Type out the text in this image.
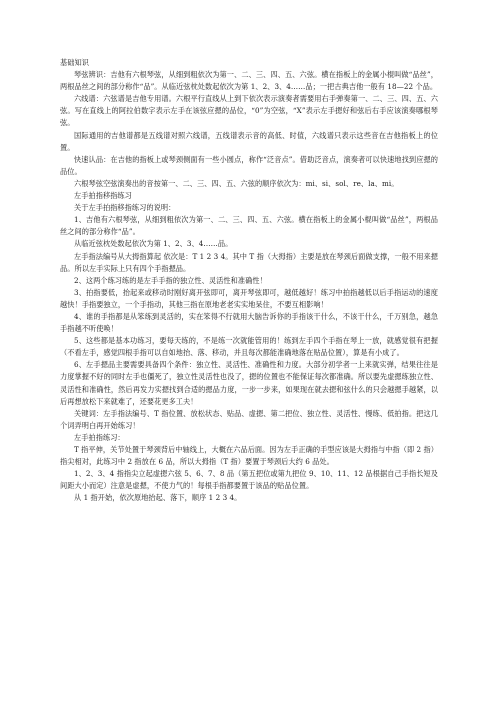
基础知识

琴弦辨识：吉他有六根琴弦，从细到粗依次为第一、二、三、四、五、六弦。横在指板上的金属小棍叫做“品丝”，两根品丝之间的部分称作“品”。从临近弦枕处数起依次为第 1、2、3、4……品；一把古典吉他一般有 18—22 个品。

六线谱：六弦谱是吉他专用谱。六根平行直线从上到下依次表示演奏者需要用右手弹奏第一、二、三、四、五、六弦。写在直线上的阿拉伯数字表示左手在该弦应摁的品位，“0”为空弦，“X”表示左手摁好和弦后右手应该演奏哪根琴弦。

国际通用的吉他谱都是五线谱对照六线谱，五线谱表示音的高低、时值，六线谱只表示这些音在吉他指板上的位置。

快速认品：在吉他的指板上或琴颈侧面有一些小圆点，称作“泛音点”。借助泛音点，演奏者可以快速地找到应摁的品位。

六根琴弦空弦演奏出的音按第一、二、三、四、五、六弦的顺序依次为：mi、si、sol、re、la、mi。

左手拍指移指练习

关于左手拍指移指练习的说明：

1、吉他有六根琴弦，从细到粗依次为第一、二、三、四、五、六弦。横在指板上的金属小棍叫做“品丝”，两根品丝之间的部分称作“品”。

从临近弦枕处数起依次为第 1、2、3、4……品。

左手指法编号从大拇指算起 依次是：T 1 2 3 4。其中 T 指（大拇指）主要是放在琴颈后面做支撑，一般不用来摁品。所以左手实际上只有四个手指摁品。

2、这两个练习练的是左手手指的独立性、灵活性和准确性！

3、拍指要低，抬起来或移动时刚好离开弦即可，离开琴弦即可，越低越好！练习中拍指越低以后手指运动的速度越快！手指要独立，一个手指动，其他三指在原地老老实实地呆住，不要互相影响！

4、谁的手指都是从笨练到灵活的，实在笨得不行就用大脑告诉你的手指该干什么，不该干什么，千万别急，越急手指越不听使唤！

5、这些都是基本功练习，要每天练的，不是练一次就能管用的！练到左手四个手指在琴上一放，就感觉很有把握（不看左手，感觉四根手指可以自如地抬、落、移动，并且每次都能准确地落在贴品位置），算是有小成了。

6、左手摁品主要需要具备四个条件：独立性、灵活性、准确性和力度。大部分初学者一上来就实弹，结果往往是力度掌握不好的同时左手也僵死了，独立性灵活性也没了，摁的位置也不能保证每次都准确。所以要先虚摁练独立性、灵活性和准确性，然后再发力实摁找到合适的摁品力度，一步一步来，如果现在就去摁和弦什么的只会越摁手越紧，以后再想放松下来就难了，还要花更多工夫！

关键词：左手指法编号、T 指位置、放松状态、贴品、虚摁、第二把位、独立性、灵活性、慢练、低拍指。把这几个词弄明白再开始练习！

左手拍指练习：

T 指平伸，关节处置于琴颈背后中轴线上，大概在六品后面。因为左手正确的手型应该是大拇指与中指（即 2 指）指尖相对，此练习中 2 指放在 6 品，所以大拇指（T 指）要置于琴颈后大约 6 品处。

1、2、3、4 指指尖立起虚摁六弦 5、6、7、8 品（第五把位或第九把位 9、10、11、12 品根据自己手指长短及间距大小而定）注意是虚摁，不使力气的！每根手指都要置于该品的贴品位置。

从 1 指开始，依次原地抬起、落下，顺序 1 2 3 4。
